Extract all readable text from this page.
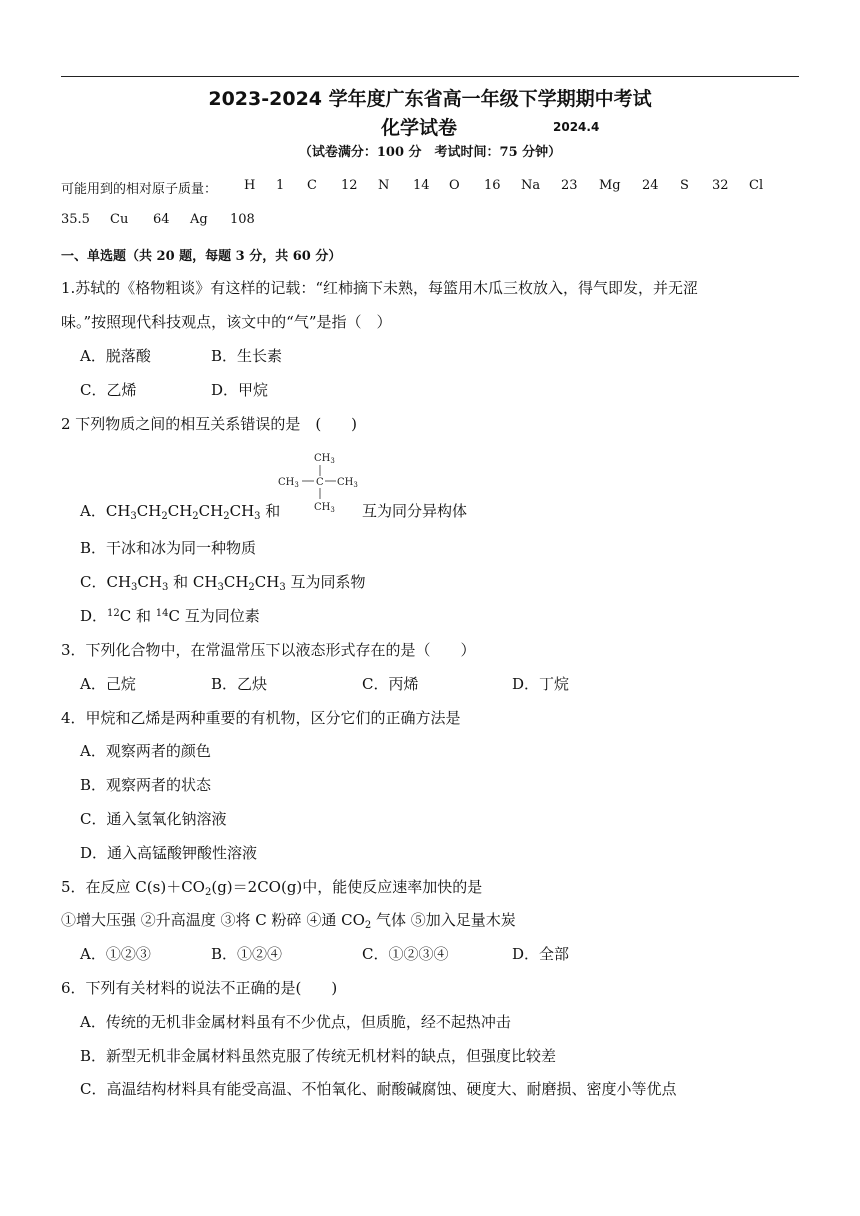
2023-2024 学年度广东省高一年级下学期期中考试
化学试卷	2024.4
（试卷满分：100 分　考试时间：75 分钟）
可能用到的相对原子质量： H 1 C 12 N 14 O 16 Na 23 Mg 24 S 32 Cl
35.5 Cu 64 Ag 108
一、单选题（共 20 题，每题 3 分，共 60 分）
1.苏轼的《格物粗谈》有这样的记载：“红柿摘下未熟，每篮用木瓜三枚放入，得气即发，并无涩
味。”按照现代科技观点，该文中的“气”是指（　）
A．脱落酸	B．生长素
C．乙烯	D．甲烷
2 下列物质之间的相互关系错误的是　(　　)
$CH_3$
$CH_3$ C $CH_3$
$CH_3$
A．$CH_3CH_2CH_2CH_2CH_3$ 和	互为同分异构体
B．干冰和冰为同一种物质
C．$CH_3CH_3$ 和 $CH_3CH_2CH_3$ 互为同系物
D．$^{12}$C 和 $^{14}$C 互为同位素
3．下列化合物中，在常温常压下以液态形式存在的是（　　）
A．己烷	B．乙炔	C．丙烯	D．丁烷
4．甲烷和乙烯是两种重要的有机物，区分它们的正确方法是
A．观察两者的颜色
B．观察两者的状态
C．通入氢氧化钠溶液
D．通入高锰酸钾酸性溶液
5．在反应 $C(s)+CO_2(g)=2CO(g)$中，能使反应速率加快的是
①增大压强 ②升高温度 ③将 C 粉碎 ④通 $CO_2$ 气体 ⑤加入足量木炭
A．①②③	B．①②④	C．①②③④	D．全部
6．下列有关材料的说法不正确的是(　　)
A．传统的无机非金属材料虽有不少优点，但质脆，经不起热冲击
B．新型无机非金属材料虽然克服了传统无机材料的缺点，但强度比较差
C．高温结构材料具有能受高温、不怕氧化、耐酸碱腐蚀、硬度大、耐磨损、密度小等优点
